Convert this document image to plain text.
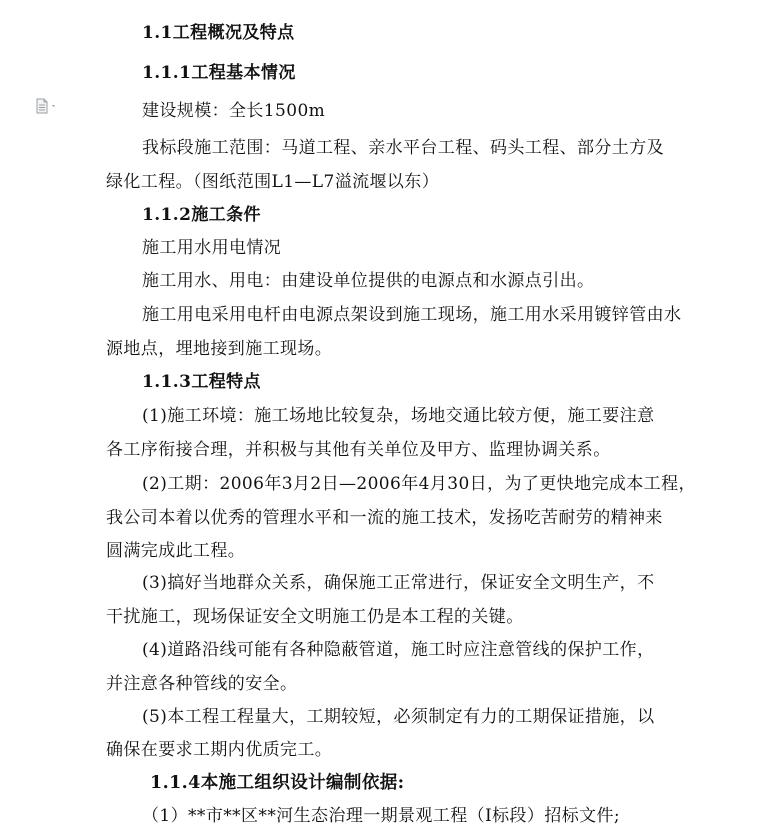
1.1工程概况及特点
1.1.1工程基本情况
建设规模：全长1500m
我标段施工范围：马道工程、亲水平台工程、码头工程、部分土方及
绿化工程。（图纸范围L1—L7溢流堰以东）
1.1.2施工条件
施工用水用电情况
施工用水、用电：由建设单位提供的电源点和水源点引出。
施工用电采用电杆由电源点架设到施工现场，施工用水采用镀锌管由水
源地点，埋地接到施工现场。
1.1.3工程特点
(1)施工环境：施工场地比较复杂，场地交通比较方便，施工要注意
各工序衔接合理，并积极与其他有关单位及甲方、监理协调关系。
(2)工期：2006年3月2日—2006年4月30日，为了更快地完成本工程，
我公司本着以优秀的管理水平和一流的施工技术，发扬吃苦耐劳的精神来
圆满完成此工程。
(3)搞好当地群众关系，确保施工正常进行，保证安全文明生产，不
干扰施工，现场保证安全文明施工仍是本工程的关键。
(4)道路沿线可能有各种隐蔽管道，施工时应注意管线的保护工作，
并注意各种管线的安全。
(5)本工程工程量大，工期较短，必须制定有力的工期保证措施，以
确保在要求工期内优质完工。
1.1.4本施工组织设计编制依据:
（1）**市**区**河生态治理一期景观工程（Ⅰ标段）招标文件;
